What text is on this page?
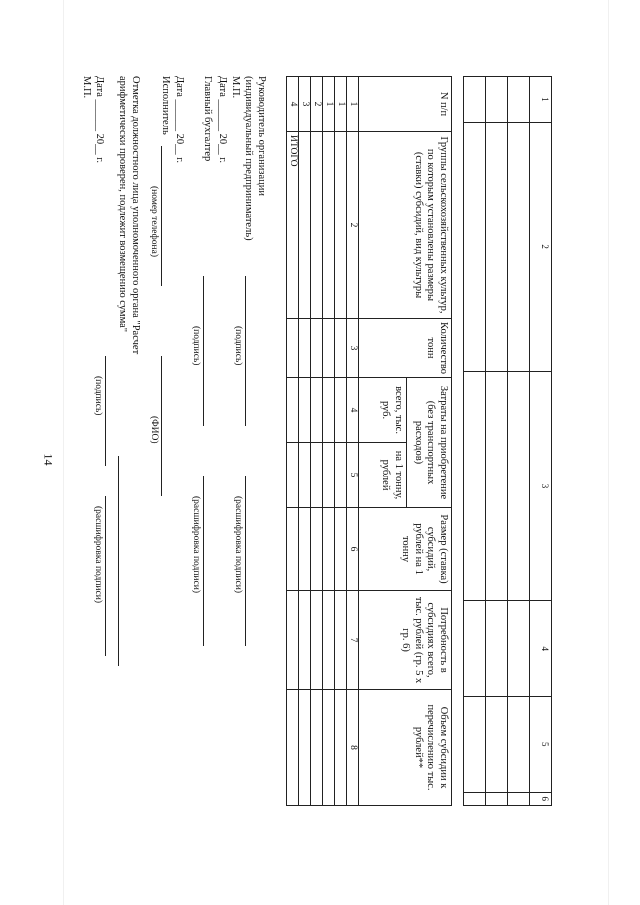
14
1	2	3	4	5	6

N п/п	Группы сельскохозяйственных культур, по которым установлены размеры (ставки) субсидий, вид культуры	Количество тонн	Затраты на приобретение (без транспортных расходов)		Размер (ставка) субсидий, рублей на 1 тонну	Потребность в субсидиях всего, тыс. рублей (гр. 5 х гр. 6)	Объем субсидии к перечислению тыс. рублей**
			всего, тыс. руб.	на 1 тонну, рублей			
1	2	3	4	5	6	7	8
1							
1							
2							
3							
4	ИТОГО						
Руководитель организации
(индивидуальный предприниматель)
М.П.
(подпись)
(расшифровка подписи)
Дата ______ 20__ г.
Главный бухгалтер
(подпись)
(расшифровка подписи)
Дата ______ 20__ г.
Исполнитель
(номер телефона)
(ФИО)
Отметка должностного лица уполномоченного органа "Расчет
арифметически проверен, подлежит возмещению сумма"
(подпись)
(расшифровка подписи)
Дата ______ 20__ г.
М.П.
